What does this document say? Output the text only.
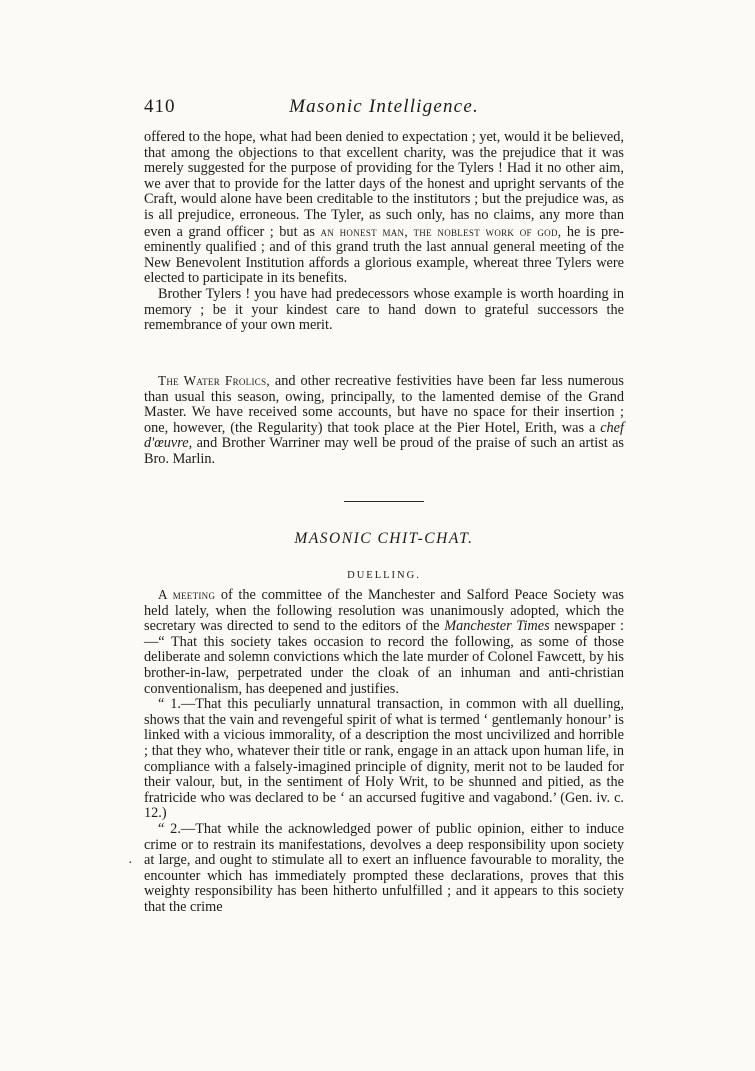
410	Masonic Intelligence.

offered to the hope, what had been denied to expectation ; yet, would it be believed, that among the objections to that excellent charity, was the prejudice that it was merely suggested for the purpose of providing for the Tylers ! Had it no other aim, we aver that to provide for the latter days of the honest and upright servants of the Craft, would alone have been creditable to the institutors ; but the prejudice was, as is all prejudice, erroneous. The Tyler, as such only, has no claims, any more than even a grand officer ; but as an honest man, the noblest work of god, he is pre-eminently qualified ; and of this grand truth the last annual general meeting of the New Benevolent Institution affords a glorious example, whereat three Tylers were elected to participate in its benefits.

Brother Tylers ! you have had predecessors whose example is worth hoarding in memory ; be it your kindest care to hand down to grateful successors the remembrance of your own merit.

The Water Frolics, and other recreative festivities have been far less numerous than usual this season, owing, principally, to the lamented demise of the Grand Master. We have received some accounts, but have no space for their insertion ; one, however, (the Regularity) that took place at the Pier Hotel, Erith, was a chef d'œuvre, and Brother Warriner may well be proud of the praise of such an artist as Bro. Marlin.

MASONIC CHIT-CHAT.
DUELLING.

A meeting of the committee of the Manchester and Salford Peace Society was held lately, when the following resolution was unanimously adopted, which the secretary was directed to send to the editors of the Manchester Times newspaper :—“ That this society takes occasion to record the following, as some of those deliberate and solemn convictions which the late murder of Colonel Fawcett, by his brother-in-law, perpetrated under the cloak of an inhuman and anti-christian conventionalism, has deepened and justifies.

“ 1.—That this peculiarly unnatural transaction, in common with all duelling, shows that the vain and revengeful spirit of what is termed ‘ gentlemanly honour’ is linked with a vicious immorality, of a description the most uncivilized and horrible ; that they who, whatever their title or rank, engage in an attack upon human life, in compliance with a falsely-imagined principle of dignity, merit not to be lauded for their valour, but, in the sentiment of Holy Writ, to be shunned and pitied, as the fratricide who was declared to be ‘ an accursed fugitive and vagabond.’ (Gen. iv. c. 12.)

“ 2.—That while the acknowledged power of public opinion, either to induce crime or to restrain its manifestations, devolves a deep responsibility upon society at large, and ought to stimulate all to exert an influence favourable to morality, the encounter which has immediately prompted these declarations, proves that this weighty responsibility has been hitherto unfulfilled ; and it appears to this society that the crime

·
